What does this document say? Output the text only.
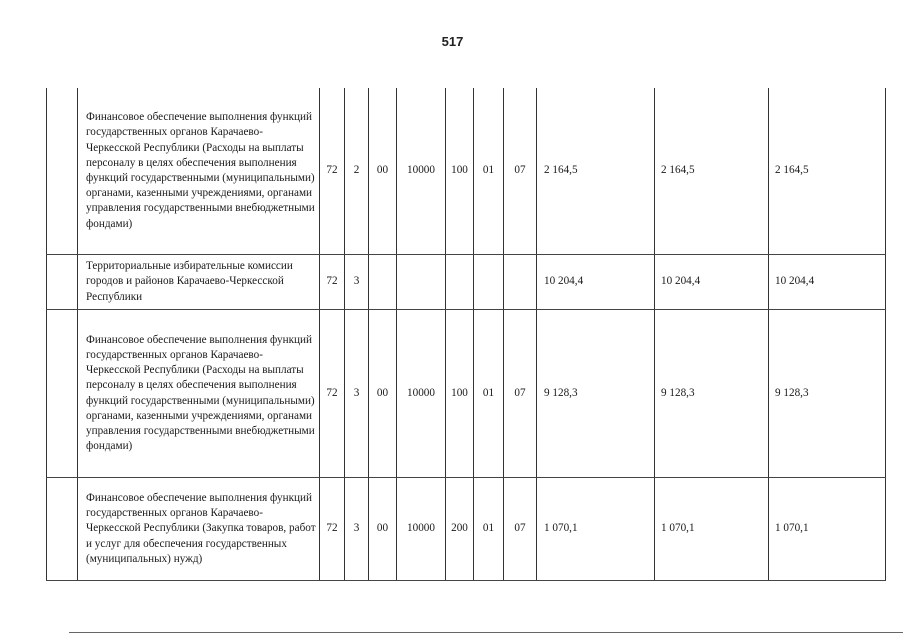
517
	Финансовое обеспечение выполнения функций государственных органов Карачаево-Черкесской Республики (Расходы на выплаты персоналу в целях обеспечения выполнения функций государственными (муниципальными) органами, казенными учреждениями, органами управления государственными внебюджетными фондами)	72	2	00	10000	100	01	07	2 164,5	2 164,5	2 164,5
	Территориальные избирательные комиссии городов и районов Карачаево-Черкесской Республики	72	3						10 204,4	10 204,4	10 204,4
	Финансовое обеспечение выполнения функций государственных органов Карачаево-Черкесской Республики (Расходы на выплаты персоналу в целях обеспечения выполнения функций государственными (муниципальными) органами, казенными учреждениями, органами управления государственными внебюджетными фондами)	72	3	00	10000	100	01	07	9 128,3	9 128,3	9 128,3
	Финансовое обеспечение выполнения функций государственных органов Карачаево-Черкесской Республики (Закупка товаров, работ и услуг для обеспечения государственных (муниципальных) нужд)	72	3	00	10000	200	01	07	1 070,1	1 070,1	1 070,1
